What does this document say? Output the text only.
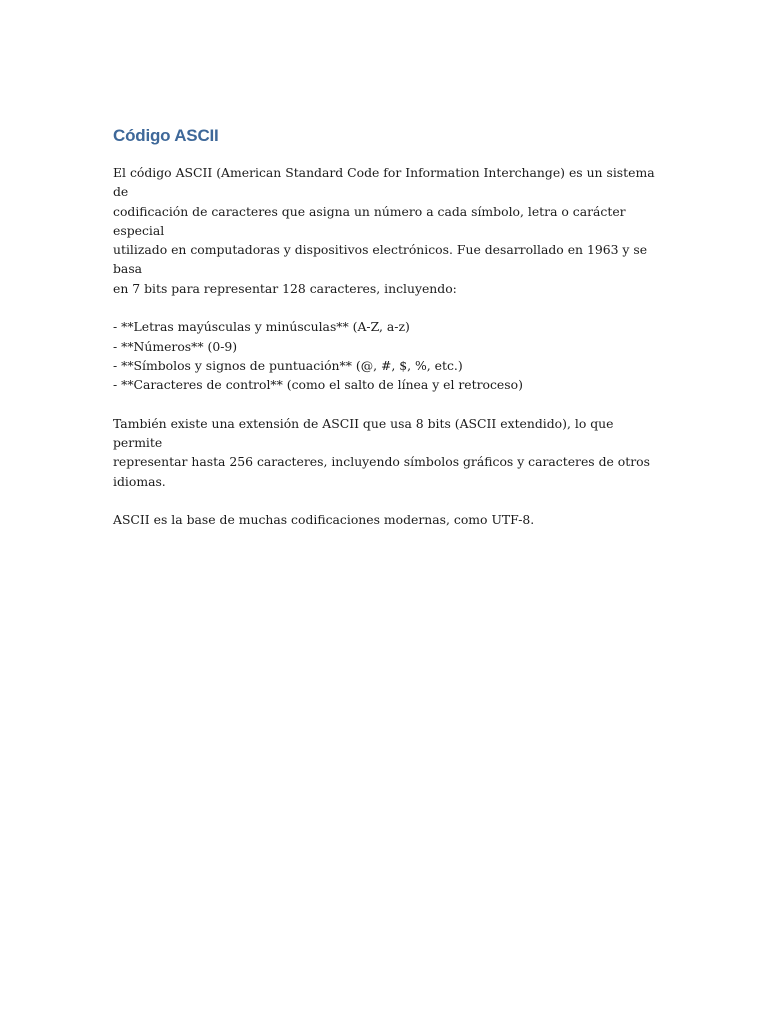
Código ASCII
El código ASCII (American Standard Code for Information Interchange) es un sistema de
codificación de caracteres que asigna un número a cada símbolo, letra o carácter especial
utilizado en computadoras y dispositivos electrónicos. Fue desarrollado en 1963 y se basa
en 7 bits para representar 128 caracteres, incluyendo:
- **Letras mayúsculas y minúsculas** (A-Z, a-z)
- **Números** (0-9)
- **Símbolos y signos de puntuación** (@, #, $, %, etc.)
- **Caracteres de control** (como el salto de línea y el retroceso)
También existe una extensión de ASCII que usa 8 bits (ASCII extendido), lo que permite
representar hasta 256 caracteres, incluyendo símbolos gráficos y caracteres de otros
idiomas.
ASCII es la base de muchas codificaciones modernas, como UTF-8.
